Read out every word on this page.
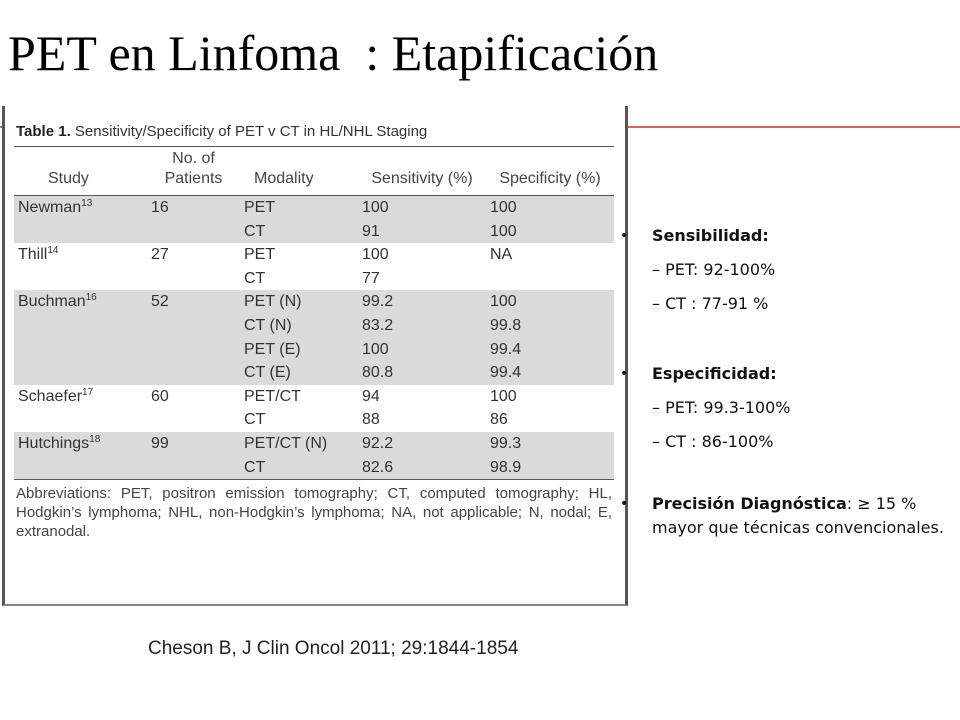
PET en Linfoma  : Etapificación
Table 1. Sensitivity/Specificity of PET v CT in HL/NHL Staging
Study	No. of Patients	Modality	Sensitivity (%)	Specificity (%)
Newman$^{13}$	16	PET	100	100
		CT	91	100
Thill$^{14}$	27	PET	100	NA
		CT	77	
Buchman$^{16}$	52	PET (N)	99.2	100
		CT (N)	83.2	99.8
		PET (E)	100	99.4
		CT (E)	80.8	99.4
Schaefer$^{17}$	60	PET/CT	94	100
		CT	88	86
Hutchings$^{18}$	99	PET/CT (N)	92.2	99.3
		CT	82.6	98.9
Abbreviations: PET, positron emission tomography; CT, computed tomography; HL, Hodgkin’s lymphoma; NHL, non-Hodgkin’s lymphoma; NA, not applicable; N, nodal; E, extranodal.
Cheson B, J Clin Oncol 2011; 29:1844-1854
• Sensibilidad:
– PET: 92-100%
– CT : 77-91 %
• Especificidad:
– PET: 99.3-100%
– CT : 86-100%
• Precisión Diagnóstica: ≥ 15 % mayor que técnicas convencionales.
